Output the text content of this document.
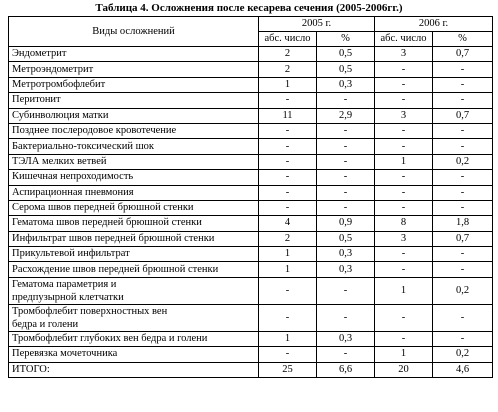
Таблица 4. Осложнения после кесарева сечения (2005-2006гг.)
Виды осложнений	2005 г.		2006 г.	
	абс. число	%	абс. число	%
Эндометрит	2	0,5	3	0,7
Метроэндометрит	2	0,5	-	-
Метротромбофлебит	1	0,3	-	-
Перитонит	-	-	-	-
Субинволюция матки	11	2,9	3	0,7
Позднее послеродовое кровотечение	-	-	-	-
Бактериально-токсический шок	-	-	-	-
ТЭЛА мелких ветвей	-	-	1	0,2
Кишечная непроходимость	-	-	-	-
Аспирационная пневмония	-	-	-	-
Серома швов передней брюшной стенки	-	-	-	-
Гематома швов передней брюшной стенки	4	0,9	8	1,8
Инфильтрат швов передней брюшной стенки	2	0,5	3	0,7
Прикультевой инфильтрат	1	0,3	-	-
Расхождение швов передней брюшной стенки	1	0,3	-	-

Гематома параметрия и
предпузырной клетчатки	-	-	1	0,2

Тромбофлебит поверхностных вен
бедра и голени	-	-	-	-
Тромбофлебит глубоких вен бедра и голени	1	0,3	-	-
Перевязка мочеточника	-	-	1	0,2
ИТОГО:	25	6,6	20	4,6
